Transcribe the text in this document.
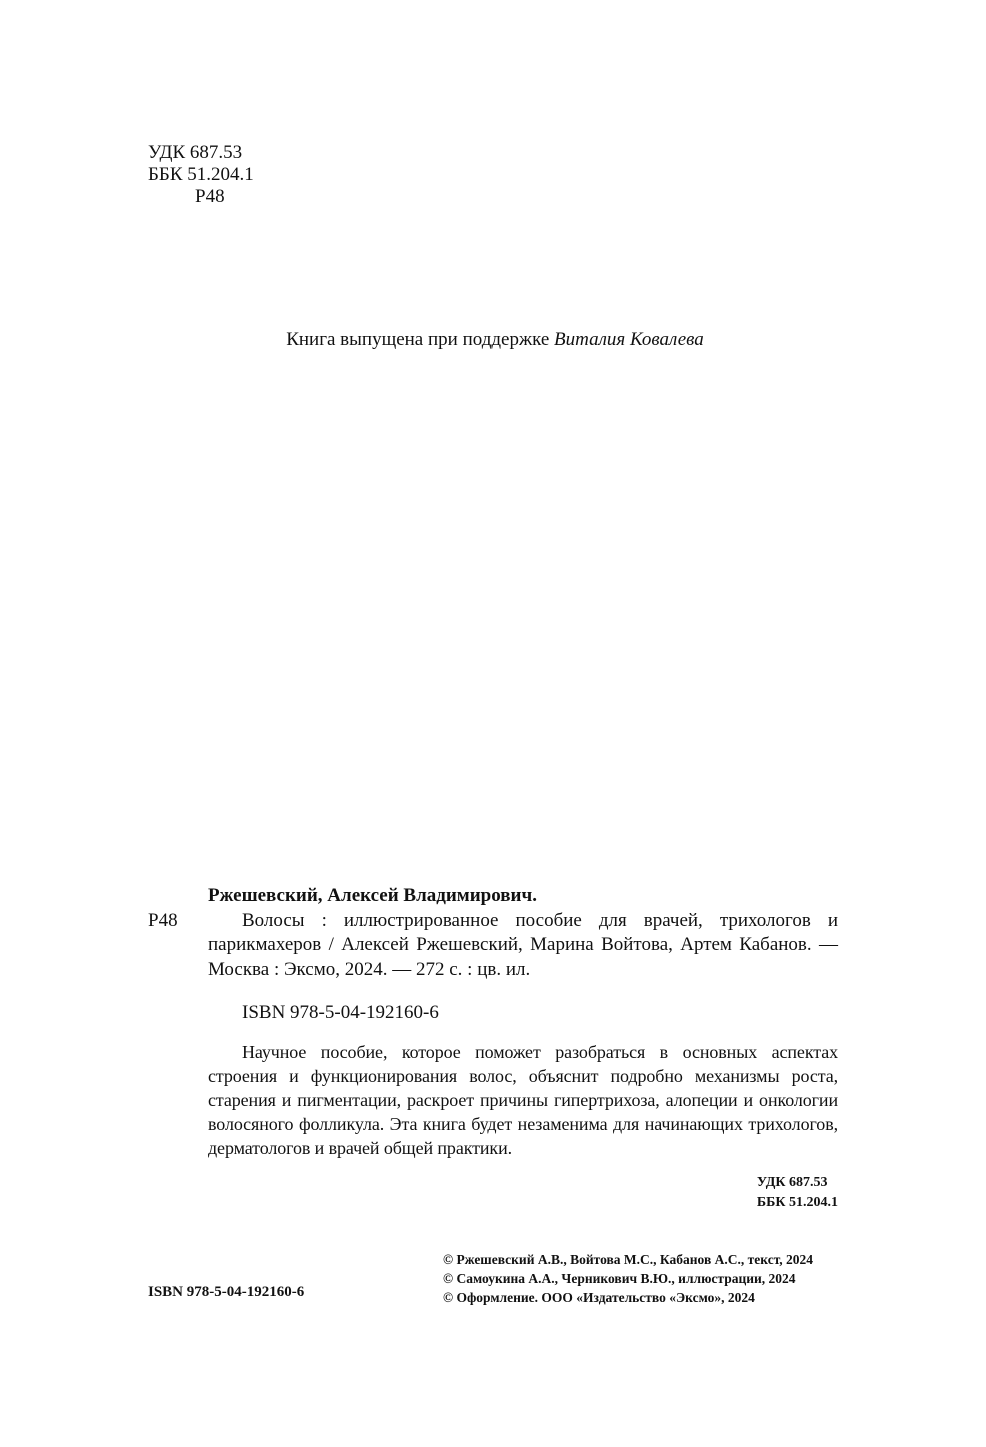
УДК 687.53
ББК 51.204.1
Р48
Книга выпущена при поддержке Виталия Ковалева
Ржешевский, Алексей Владимирович.
Р48	Волосы : иллюстрированное пособие для врачей, трихологов и парикмахеров / Алексей Ржешевский, Марина Войтова, Артем Кабанов. — Москва : Эксмо, 2024. — 272 с. : цв. ил.
ISBN 978-5-04-192160-6
Научное пособие, которое поможет разобраться в основных аспектах строения и функционирования волос, объяснит подробно механизмы роста, старения и пигментации, раскроет причины гипертрихоза, алопеции и онкологии волосяного фолликула. Эта книга будет незаменима для начинающих трихологов, дерматологов и врачей общей практики.
УДК 687.53
ББК 51.204.1
ISBN 978-5-04-192160-6
© Ржешевский А.В., Войтова М.С., Кабанов А.С., текст, 2024
© Самоукина А.А., Черникович В.Ю., иллюстрации, 2024
© Оформление. ООО «Издательство «Эксмо», 2024
